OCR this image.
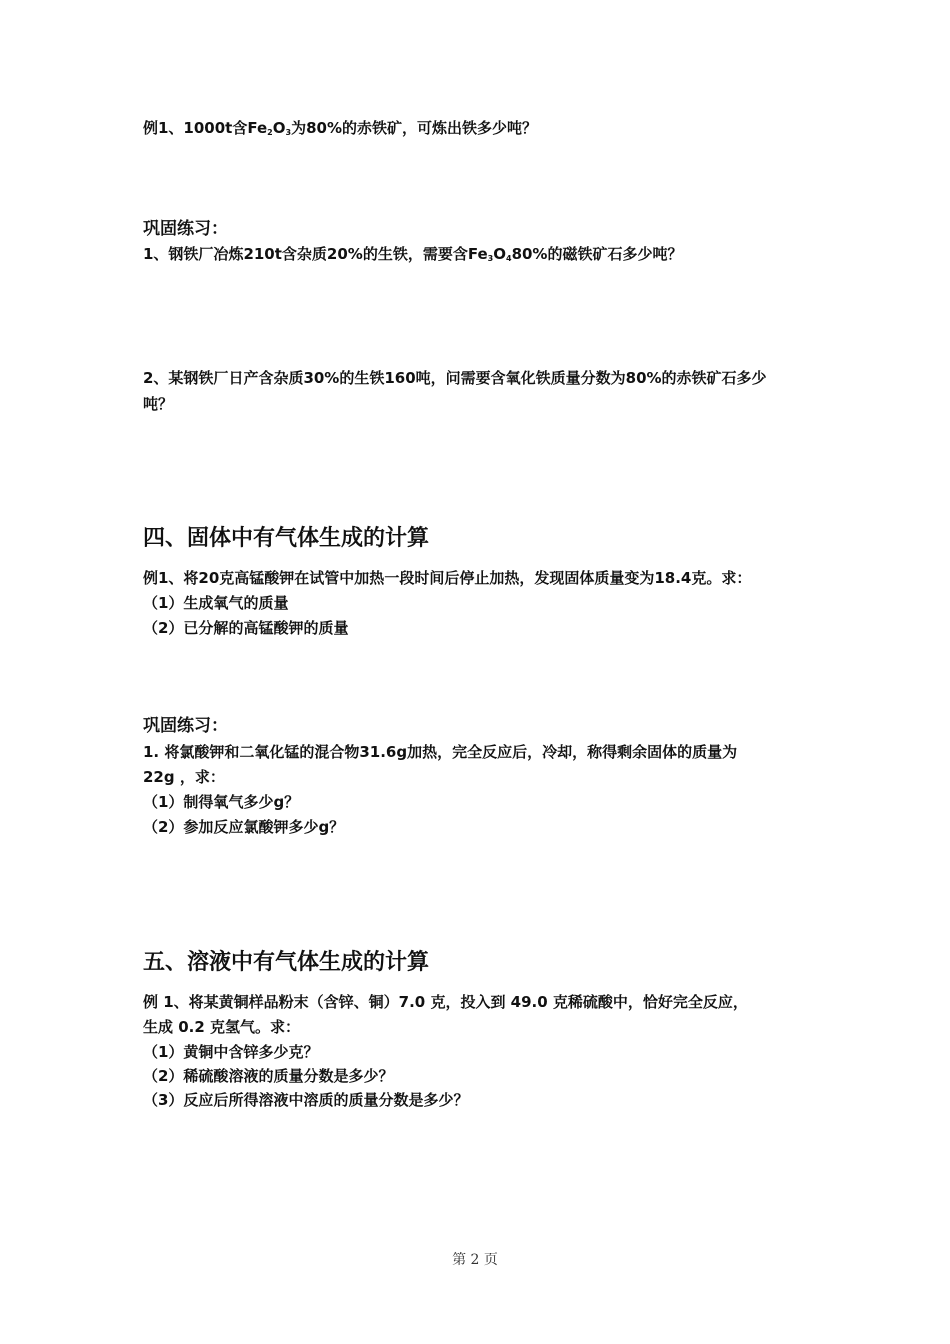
例1、1000t含Fe2O3为80%的赤铁矿，可炼出铁多少吨？
巩固练习：
1、钢铁厂冶炼210t含杂质20%的生铁，需要含Fe3O480%的磁铁矿石多少吨？
2、某钢铁厂日产含杂质30%的生铁160吨，问需要含氧化铁质量分数为80%的赤铁矿石多少
吨？
四、固体中有气体生成的计算
例1、将20克高锰酸钾在试管中加热一段时间后停止加热，发现固体质量变为18.4克。求：
（1）生成氧气的质量
（2）已分解的高锰酸钾的质量
巩固练习：
1. 将氯酸钾和二氧化锰的混合物31.6g加热，完全反应后，冷却，称得剩余固体的质量为
22g ，求：
（1）制得氧气多少g？
（2）参加反应氯酸钾多少g？
五、溶液中有气体生成的计算
例 1、将某黄铜样品粉末（含锌、铜）7.0 克，投入到 49.0 克稀硫酸中，恰好完全反应，
生成 0.2 克氢气。求：
（1）黄铜中含锌多少克？
（2）稀硫酸溶液的质量分数是多少？
（3）反应后所得溶液中溶质的质量分数是多少？
第 2 页
